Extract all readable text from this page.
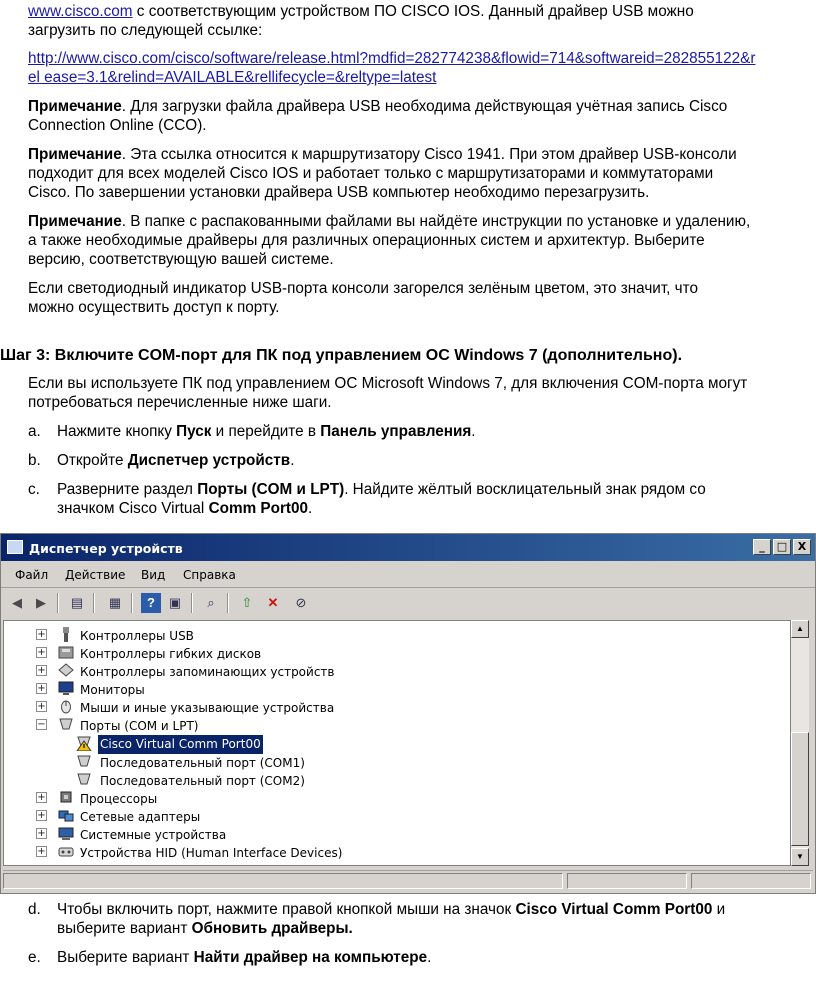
www.cisco.com с соответствующим устройством ПО CISCO IOS. Данный драйвер USB можно
загрузить по следующей ссылке:
http://www.cisco.com/cisco/software/release.html?mdfid=282774238&flowid=714&softwareid=282855122&r
el ease=3.1&relind=AVAILABLE&rellifecycle=&reltype=latest
Примечание. Для загрузки файла драйвера USB необходима действующая учётная запись Cisco
Connection Online (CCO).
Примечание. Эта ссылка относится к маршрутизатору Cisco 1941. При этом драйвер USB-консоли
подходит для всех моделей Cisco IOS и работает только с маршрутизаторами и коммутаторами
Cisco. По завершении установки драйвера USB компьютер необходимо перезагрузить.
Примечание. В папке с распакованными файлами вы найдёте инструкции по установке и удалению,
а также необходимые драйверы для различных операционных систем и архитектур. Выберите
версию, соответствующую вашей системе.
Если светодиодный индикатор USB-порта консоли загорелся зелёным цветом, это значит, что
можно осуществить доступ к порту.
Шаг 3: Включите COM-порт для ПК под управлением ОС Windows 7 (дополнительно).
Если вы используете ПК под управлением ОС Microsoft Windows 7, для включения COM-порта могут
потребоваться перечисленные ниже шаги.
a. Нажмите кнопку Пуск и перейдите в Панель управления.
b. Откройте Диспетчер устройств.
c. Разверните раздел Порты (COM и LPT). Найдите жёлтый восклицательный знак рядом со
значком Cisco Virtual Comm Port00.
Диспетчер устройств	_	□ X
Файл Действие Вид Справка
◀	▶	▤ ▦	?	▣	⌕	⇧	✕	⊘
+	Контроллеры USB
+	Контроллеры гибких дисков
+	Контроллеры запоминающих устройств
+	Мониторы
+	Мыши и иные указывающие устройства
−	Порты (COM и LPT)
Cisco Virtual Comm Port00
Последовательный порт (COM1)
Последовательный порт (COM2)
+	Процессоры
+	Сетевые адаптеры
+	Системные устройства
+	Устройства HID (Human Interface Devices)
▲
▼
d. Чтобы включить порт, нажмите правой кнопкой мыши на значок Cisco Virtual Comm Port00 и
выберите вариант Обновить драйверы.
e. Выберите вариант Найти драйвер на компьютере.
